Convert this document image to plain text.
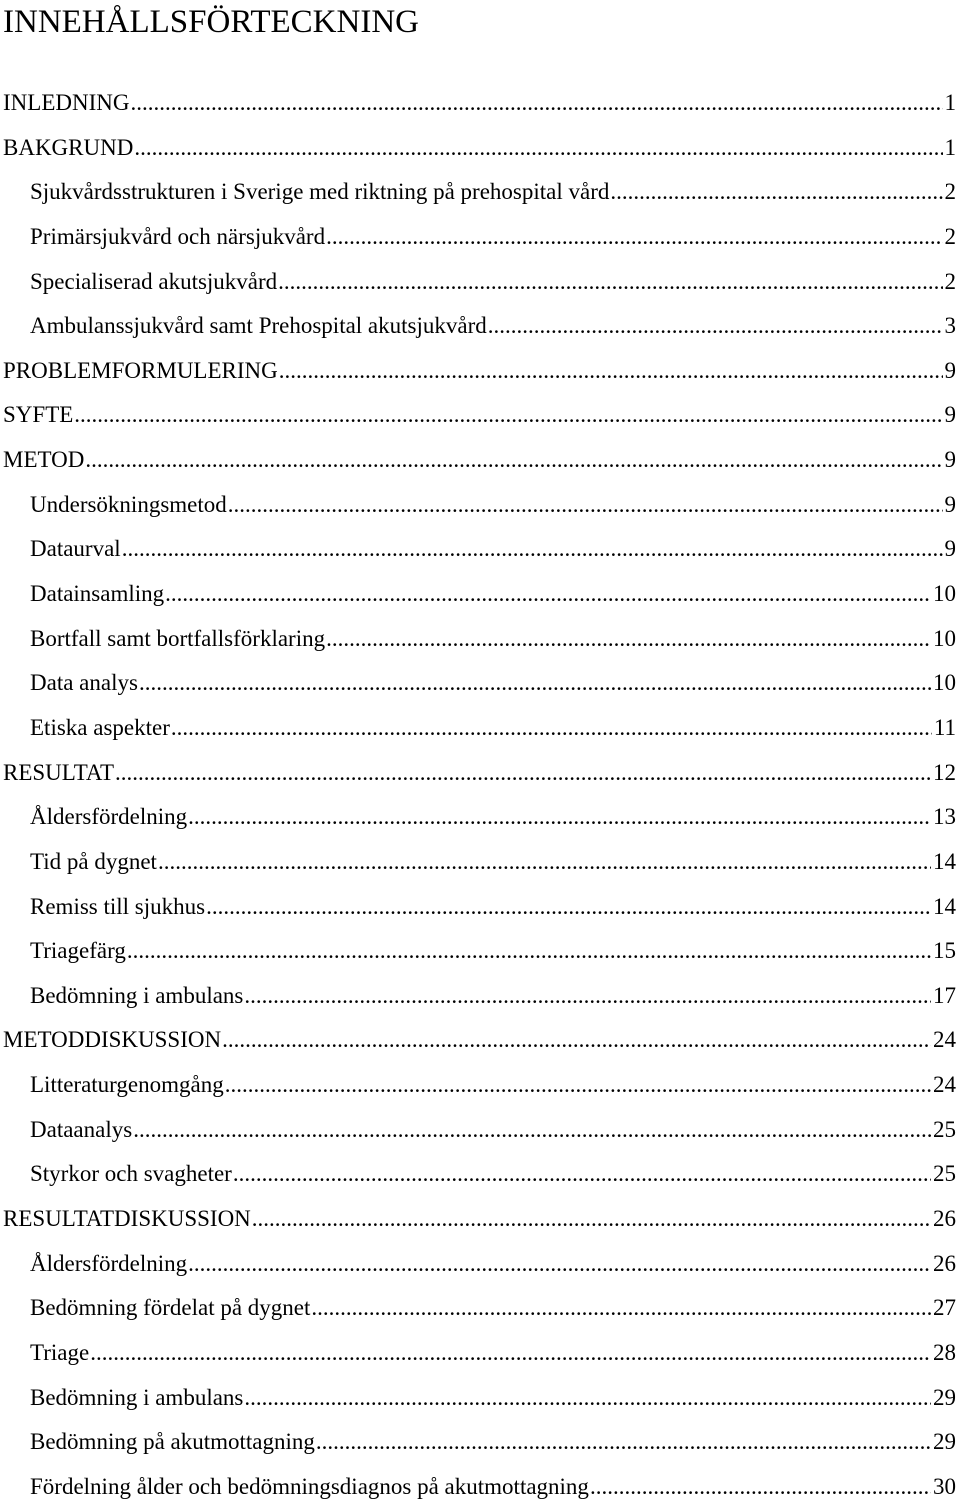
INNEHÅLLSFÖRTECKNING
INLEDNING .....	1
BAKGRUND .....	1
Sjukvårdsstrukturen i Sverige med riktning på prehospital vård .....	2
Primärsjukvård och närsjukvård .....	2
Specialiserad akutsjukvård .....	2
Ambulanssjukvård samt Prehospital akutsjukvård .....	3
PROBLEMFORMULERING .....	9
SYFTE .....	9
METOD .....	9
Undersökningsmetod .....	9
Dataurval .....	9
Datainsamling .....	10
Bortfall samt bortfallsförklaring .....	10
Data analys .....	10
Etiska aspekter .....	11
RESULTAT .....	12
Åldersfördelning .....	13
Tid på dygnet .....	14
Remiss till sjukhus .....	14
Triagefärg .....	15
Bedömning i ambulans .....	17
METODDISKUSSION .....	24
Litteraturgenomgång .....	24
Dataanalys .....	25
Styrkor och svagheter .....	25
RESULTATDISKUSSION .....	26
Åldersfördelning .....	26
Bedömning fördelat på dygnet .....	27
Triage .....	28
Bedömning i ambulans .....	29
Bedömning på akutmottagning .....	29
Fördelning ålder och bedömningsdiagnos på akutmottagning .....	30
